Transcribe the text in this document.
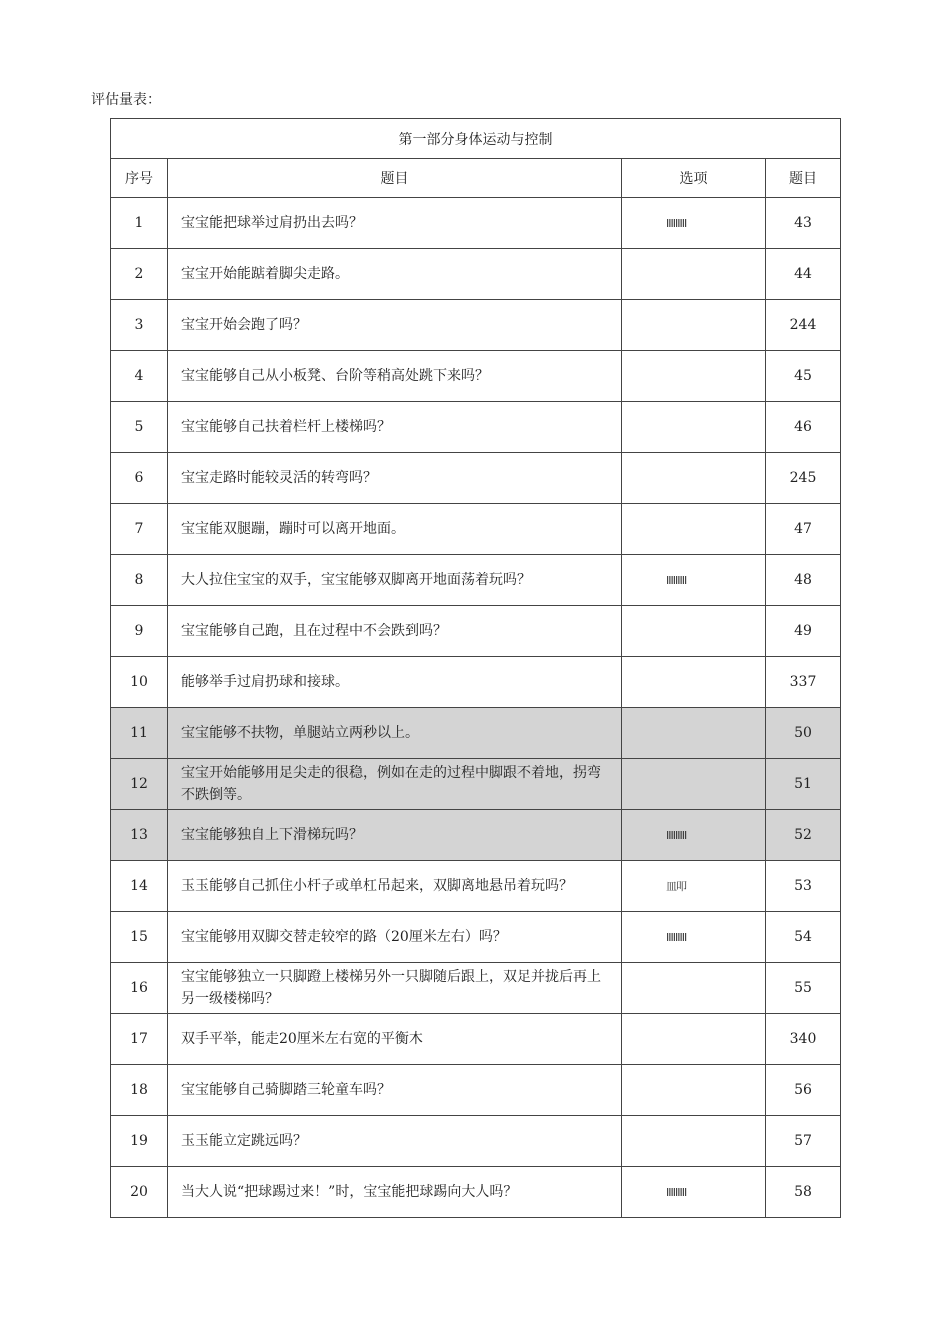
评估量表：
第一部分身体运动与控制			
序号	题目	选项	题目
1	宝宝能把球举过肩扔出去吗？	IIIIIIIII	43
2	宝宝开始能踮着脚尖走路。		44
3	宝宝开始会跑了吗？		244
4	宝宝能够自己从小板凳、台阶等稍高处跳下来吗？		45
5	宝宝能够自己扶着栏杆上楼梯吗？		46
6	宝宝走路时能较灵活的转弯吗？		245
7	宝宝能双腿蹦，蹦时可以离开地面。		47
8	大人拉住宝宝的双手，宝宝能够双脚离开地面荡着玩吗？	IIIIIIIII	48
9	宝宝能够自己跑，且在过程中不会跌到吗？		49
10	能够举手过肩扔球和接球。		337
11	宝宝能够不扶物，单腿站立两秒以上。		50
12	宝宝开始能够用足尖走的很稳，例如在走的过程中脚跟不着地，拐弯不跌倒等。		51
13	宝宝能够独自上下滑梯玩吗？	IIIIIIIII	52
14	玉玉能够自己抓住小杆子或单杠吊起来，双脚离地悬吊着玩吗？	皿叩	53
15	宝宝能够用双脚交替走较窄的路（20厘米左右）吗？	IIIIIIIII	54
16	宝宝能够独立一只脚蹬上楼梯另外一只脚随后跟上，双足并拢后再上另一级楼梯吗？		55
17	双手平举，能走20厘米左右宽的平衡木		340
18	宝宝能够自己骑脚踏三轮童车吗？		56
19	玉玉能立定跳远吗？		57
20	当大人说“把球踢过来！”时，宝宝能把球踢向大人吗？	IIIIIIIII	58
